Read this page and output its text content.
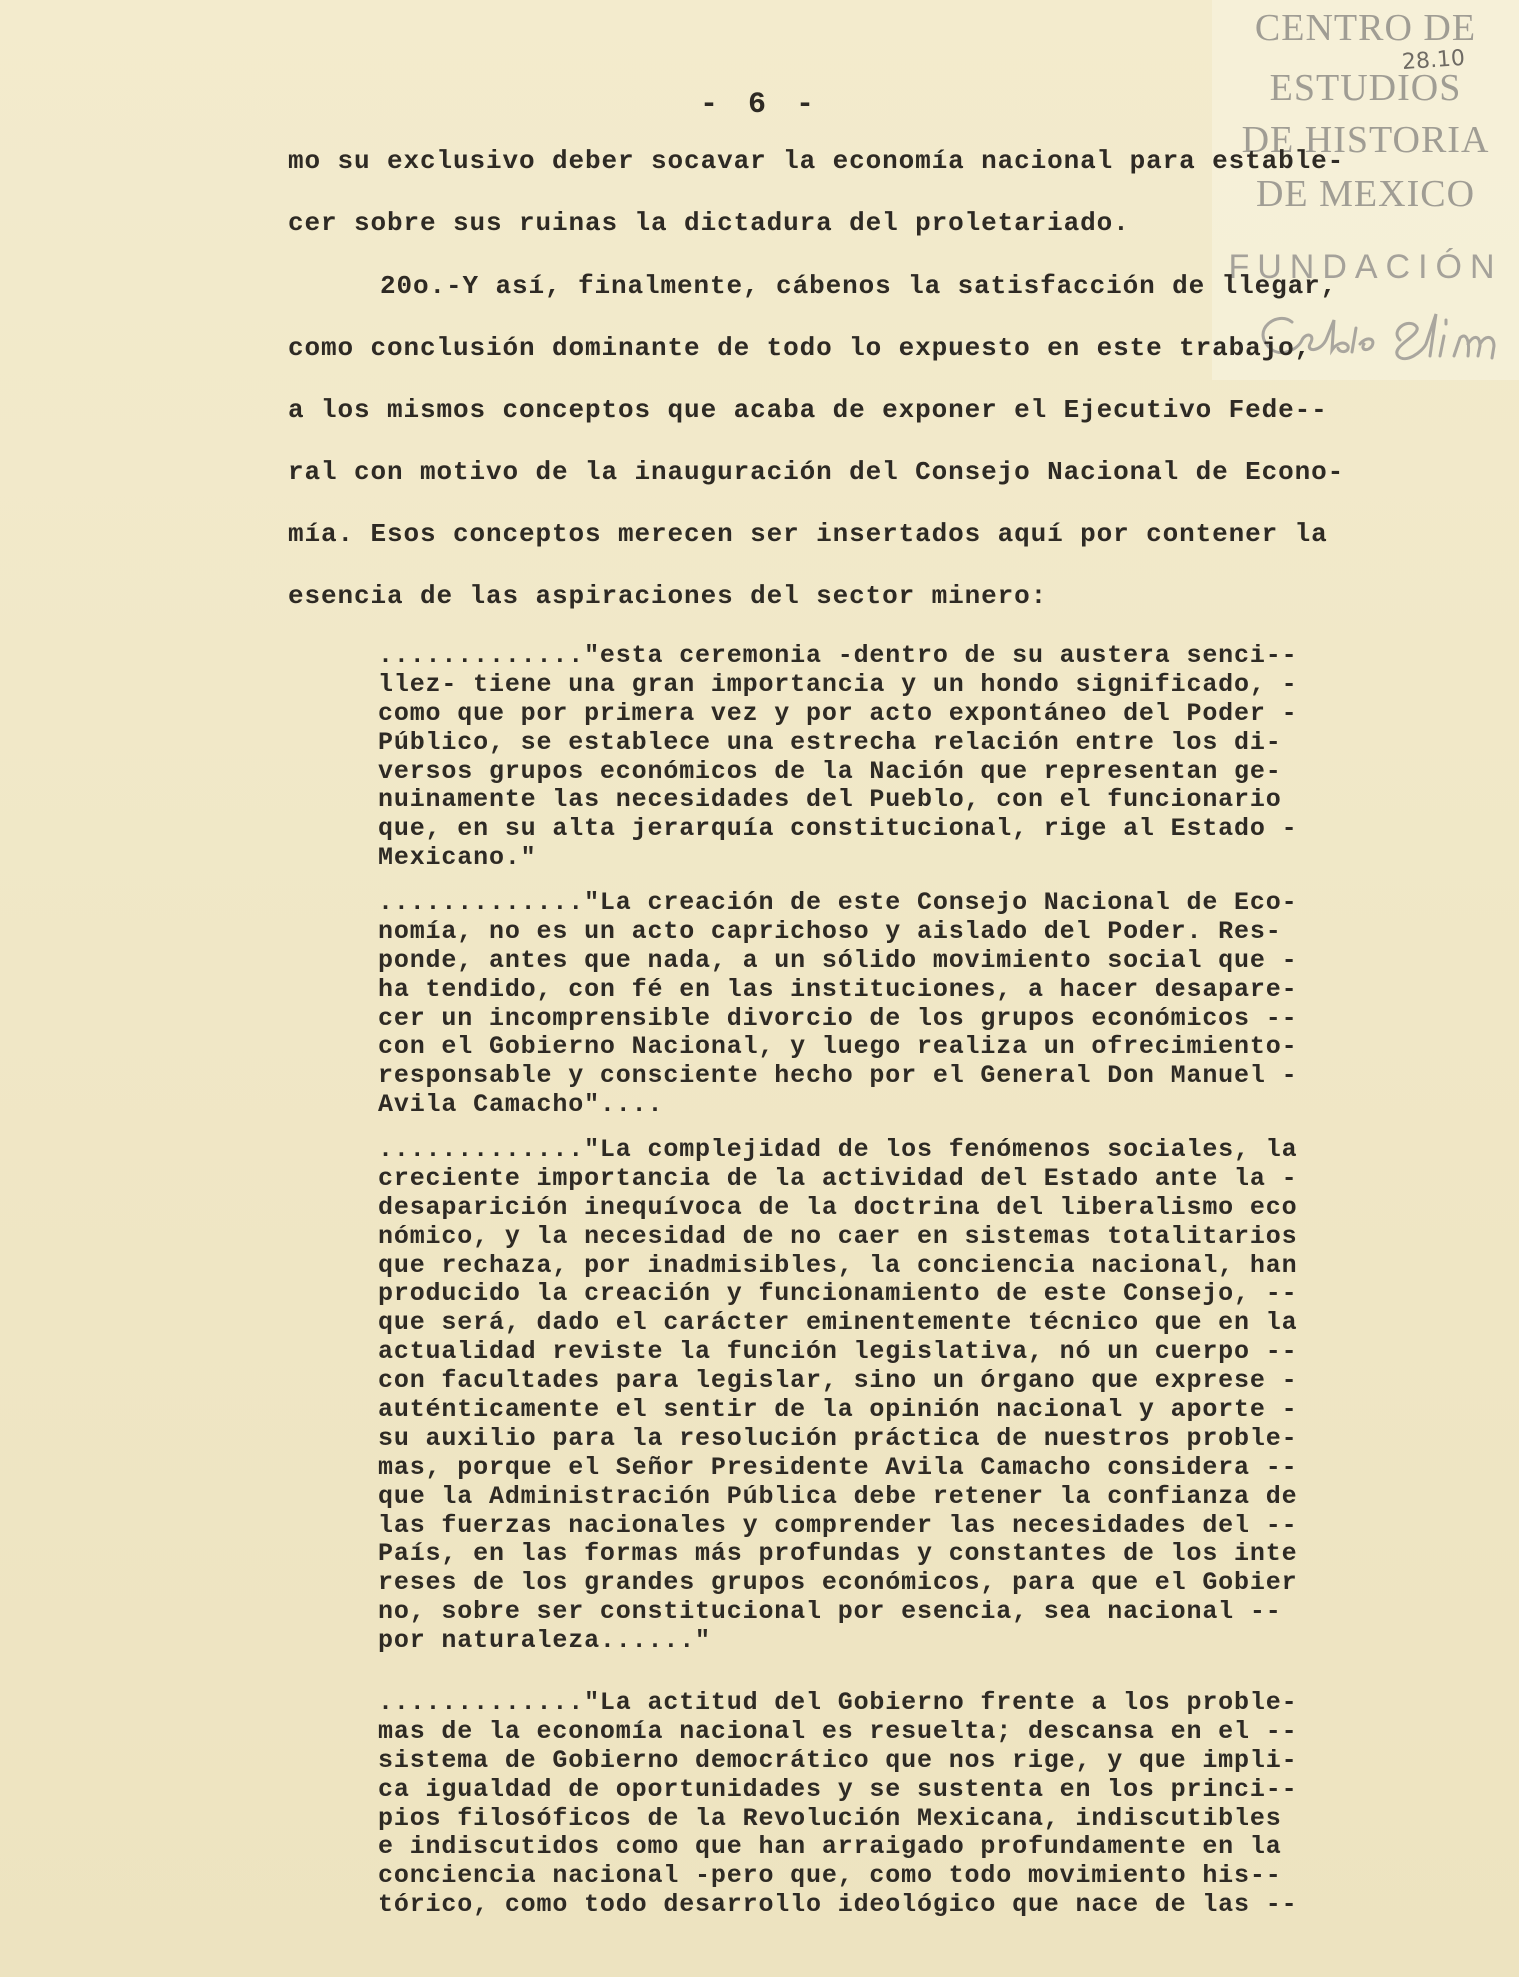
CENTRO DE
ESTUDIOS
DE HISTORIA
DE MEXICO
FUNDACIÓN
28.10
- 6 -
mo su exclusivo deber socavar la economía nacional para estable-
cer sobre sus ruinas la dictadura del proletariado.
20o.-Y así, finalmente, cábenos la satisfacción de llegar,
como conclusión dominante de todo lo expuesto en este trabajo,
a los mismos conceptos que acaba de exponer el Ejecutivo Fede--
ral con motivo de la inauguración del Consejo Nacional de Econo-
mía. Esos conceptos merecen ser insertados aquí por contener la
esencia de las aspiraciones del sector minero:
............."esta ceremonia -dentro de su austera senci--
llez- tiene una gran importancia y un hondo significado, -
como que por primera vez y por acto expontáneo del Poder -
Público, se establece una estrecha relación entre los di-
versos grupos económicos de la Nación que representan ge-
nuinamente las necesidades del Pueblo, con el funcionario
que, en su alta jerarquía constitucional, rige al Estado -
Mexicano."
............."La creación de este Consejo Nacional de Eco-
nomía, no es un acto caprichoso y aislado del Poder. Res-
ponde, antes que nada, a un sólido movimiento social que -
ha tendido, con fé en las instituciones, a hacer desapare-
cer un incomprensible divorcio de los grupos económicos --
con el Gobierno Nacional, y luego realiza un ofrecimiento-
responsable y consciente hecho por el General Don Manuel -
Avila Camacho"....
............."La complejidad de los fenómenos sociales, la
creciente importancia de la actividad del Estado ante la -
desaparición inequívoca de la doctrina del liberalismo eco
nómico, y la necesidad de no caer en sistemas totalitarios
que rechaza, por inadmisibles, la conciencia nacional, han
producido la creación y funcionamiento de este Consejo, --
que será, dado el carácter eminentemente técnico que en la
actualidad reviste la función legislativa, nó un cuerpo --
con facultades para legislar, sino un órgano que exprese -
auténticamente el sentir de la opinión nacional y aporte -
su auxilio para la resolución práctica de nuestros proble-
mas, porque el Señor Presidente Avila Camacho considera --
que la Administración Pública debe retener la confianza de
las fuerzas nacionales y comprender las necesidades del --
País, en las formas más profundas y constantes de los inte
reses de los grandes grupos económicos, para que el Gobier
no, sobre ser constitucional por esencia, sea nacional --
por naturaleza......"
............."La actitud del Gobierno frente a los proble-
mas de la economía nacional es resuelta; descansa en el --
sistema de Gobierno democrático que nos rige, y que impli-
ca igualdad de oportunidades y se sustenta en los princi--
pios filosóficos de la Revolución Mexicana, indiscutibles
e indiscutidos como que han arraigado profundamente en la
conciencia nacional -pero que, como todo movimiento his--
tórico, como todo desarrollo ideológico que nace de las --
